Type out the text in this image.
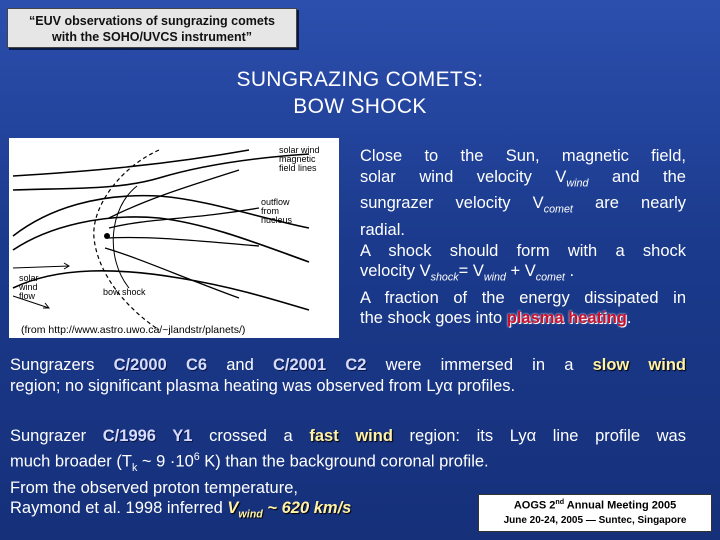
“EUV observations of sungrazing comets
with the SOHO/UVCS instrument”
SUNGRAZING COMETS:
BOW SHOCK
solar wind
magnetic
field lines
outflow
from
nucleus
solar
wind
flow	bow shock
(from http://www.astro.uwo.ca/~jlandstr/planets/)
Close to the Sun, magnetic field,
solar wind velocity $V_{wind}$ and the
sungrazer velocity $V_{comet}$ are nearly
radial.
A shock should form with a shock
velocity $V_{shock}= V_{wind} + V_{comet}$ .
A fraction of the energy dissipated in
the shock goes into plasma heating.
Sungrazers C/2000 C6 and C/2001 C2 were immersed in a slow wind
region; no significant plasma heating was observed from Lyα profiles.
Sungrazer C/1996 Y1 crossed a fast wind region: its Lyα line profile was
much broader ($T_k$ ~ $9 \cdot 10^6$ K) than the background coronal profile.
From the observed proton temperature,
Raymond et al. 1998 inferred $V_{wind}$ ~ 620 km/s	AOGS 2nd Annual Meeting 2005
June 20-24, 2005 — Suntec, Singapore
